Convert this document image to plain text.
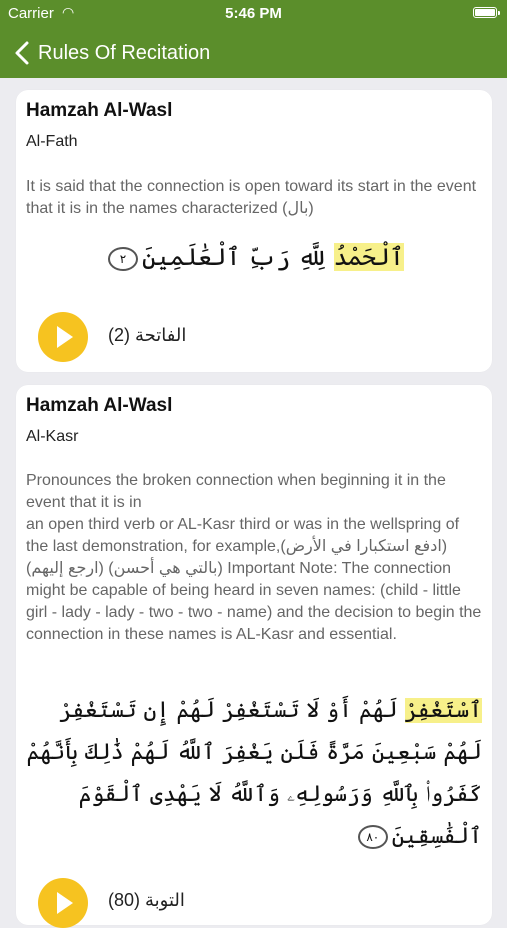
Carrier ◠	5:46 PM
Rules Of Recitation
Hamzah Al-Wasl
Al-Fath
It is said that the connection is open toward its start in the event that it is in the names characterized (بال)
ٱلْحَمْدُ لِلَّهِ رَبِّ ٱلْعَٰلَمِينَ٢
الفاتحة (2)
Hamzah Al-Wasl
Al-Kasr
Pronounces the broken connection when beginning it in the event that it is in
an open third verb or AL-Kasr third or was in the wellspring of the last demonstration, for example,(ادفع استكبارا في الأرض) (ارجع إليهم) (بالتي هي أحسن) Important Note: The connection might be capable of being heard in seven names: (child - little girl - lady - lady - two - two - name) and the decision to begin the connection in these names is AL-Kasr and essential.
ٱسْتَغْفِرْ لَهُمْ أَوْ لَا تَسْتَغْفِرْ لَهُمْ إِن تَسْتَغْفِرْ لَهُمْ سَبْعِينَ مَرَّةً فَلَن يَغْفِرَ ٱللَّهُ لَهُمْ ذَٰلِكَ بِأَنَّهُمْ كَفَرُوا۟ بِٱللَّهِ وَرَسُولِهِۦ وَٱللَّهُ لَا يَهْدِى ٱلْقَوْمَ ٱلْفَٰسِقِينَ٨٠
التوبة (80)
